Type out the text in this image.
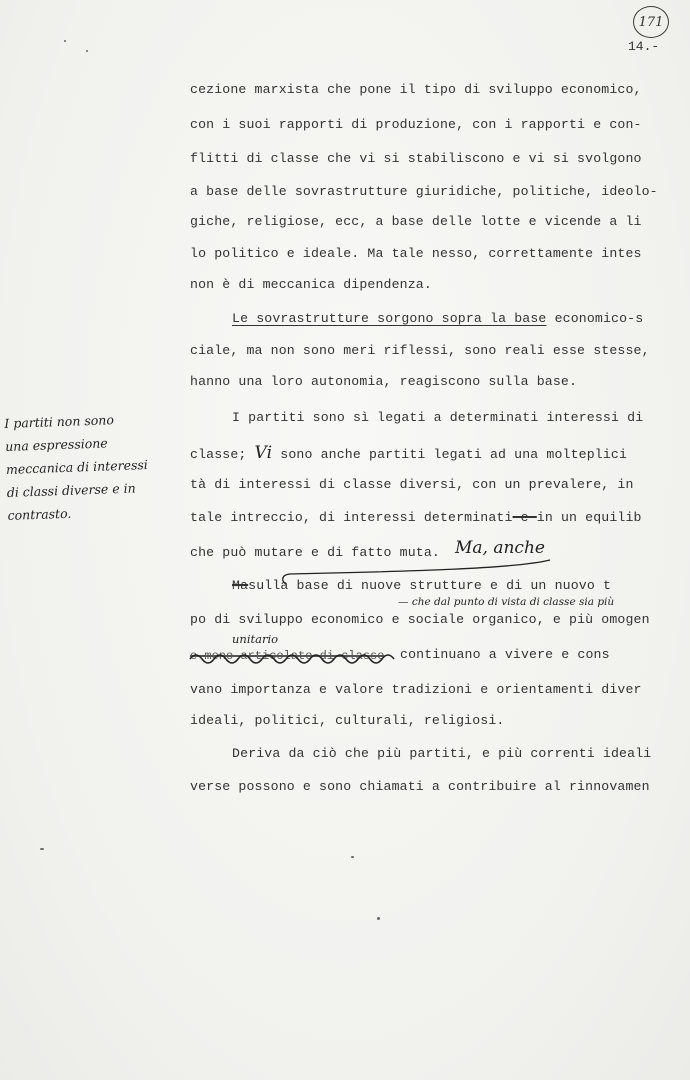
171
14.-
cezione marxista che pone il tipo di sviluppo economico,
con i suoi rapporti di produzione, con i rapporti e con-
flitti di classe che vi si stabiliscono e vi si svolgono
a base delle sovrastrutture giuridiche, politiche, ideolo-
giche, religiose, ecc, a base delle lotte e vicende a li
lo politico e ideale. Ma tale nesso, correttamente intes
non è di meccanica dipendenza.
Le sovrastrutture sorgono sopra la base economico-s
ciale, ma non sono meri riflessi, sono reali esse stesse,
hanno una loro autonomia, reagiscono sulla base.
I partiti sono sì legati a determinati interessi di
classe; Vi sono anche partiti legati ad una molteplici
tà di interessi di classe diversi, con un prevalere, in
tale intreccio, di interessi determinati e in un equilib
che può mutare e di fatto muta. Ma, anche
Masulla base di nuove strutture e di un nuovo t
— che dal punto di vista di classe sia più
po di sviluppo economico e sociale organico, e più omogen
unitario
e meno articolato di classe continuano a vivere e cons
vano importanza e valore tradizioni e orientamenti diver
ideali, politici, culturali, religiosi.
Deriva da ciò che più partiti, e più correnti ideali
verse possono e sono chiamati a contribuire al rinnovamen
I partiti non sono
una espressione
meccanica di interessi
di classi diverse e in
contrasto.
